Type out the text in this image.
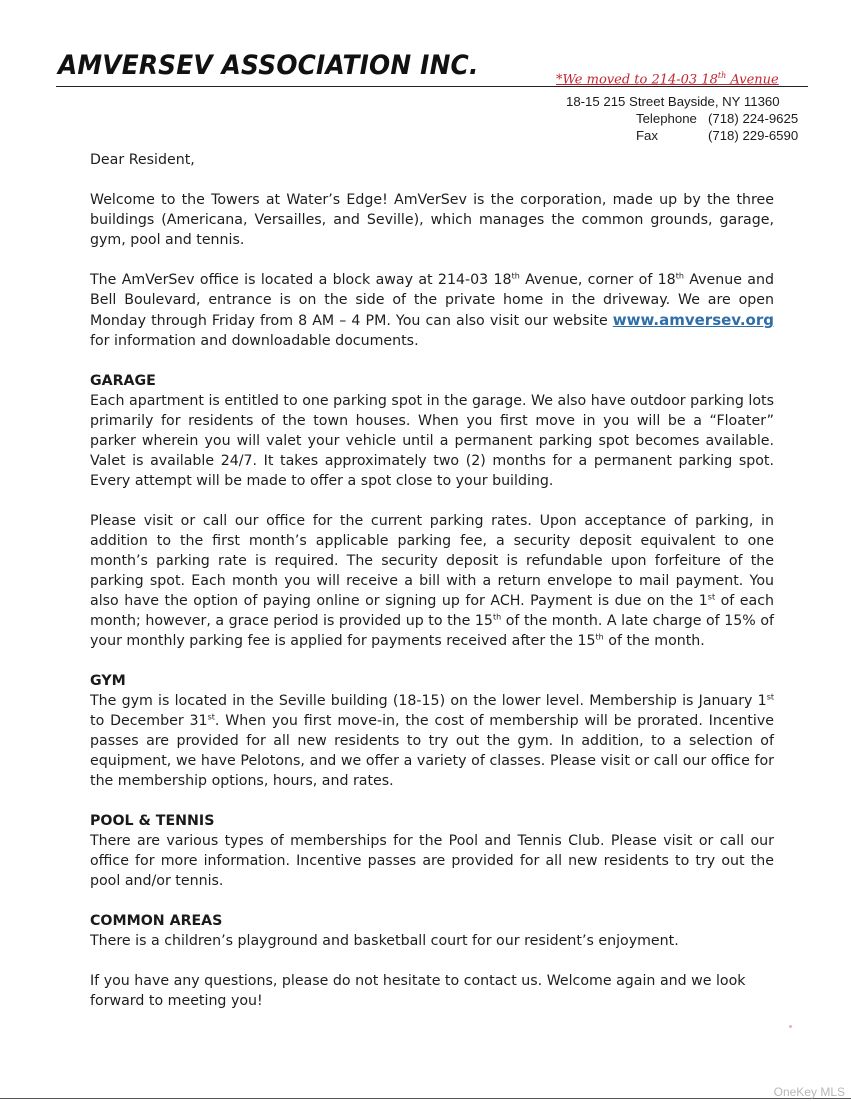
AMVERSEV ASSOCIATION INC.	*We moved to 214-03 18th Avenue
18-15 215 Street Bayside, NY 11360
Telephone (718) 224-9625
Fax	(718) 229-6590

Dear Resident,

Welcome to the Towers at Water’s Edge! AmVerSev is the corporation, made up by the three buildings (Americana, Versailles, and Seville), which manages the common grounds, garage, gym, pool and tennis.

The AmVerSev office is located a block away at 214-03 18th Avenue, corner of 18th Avenue and Bell Boulevard, entrance is on the side of the private home in the driveway. We are open Monday through Friday from 8 AM – 4 PM. You can also visit our website www.amversev.org for information and downloadable documents.

GARAGE

Each apartment is entitled to one parking spot in the garage. We also have outdoor parking lots primarily for residents of the town houses. When you first move in you will be a “Floater” parker wherein you will valet your vehicle until a permanent parking spot becomes available. Valet is available 24/7. It takes approximately two (2) months for a permanent parking spot. Every attempt will be made to offer a spot close to your building.

Please visit or call our office for the current parking rates. Upon acceptance of parking, in addition to the first month’s applicable parking fee, a security deposit equivalent to one month’s parking rate is required. The security deposit is refundable upon forfeiture of the parking spot. Each month you will receive a bill with a return envelope to mail payment. You also have the option of paying online or signing up for ACH. Payment is due on the 1st of each month; however, a grace period is provided up to the 15th of the month. A late charge of 15% of your monthly parking fee is applied for payments received after the 15th of the month.

GYM

The gym is located in the Seville building (18-15) on the lower level. Membership is January 1st to December 31st. When you first move-in, the cost of membership will be prorated. Incentive passes are provided for all new residents to try out the gym. In addition, to a selection of equipment, we have Pelotons, and we offer a variety of classes. Please visit or call our office for the membership options, hours, and rates.

POOL & TENNIS

There are various types of memberships for the Pool and Tennis Club. Please visit or call our office for more information. Incentive passes are provided for all new residents to try out the pool and/or tennis.

COMMON AREAS

There is a children’s playground and basketball court for our resident’s enjoyment.

If you have any questions, please do not hesitate to contact us. Welcome again and we look forward to meeting you!

OneKey MLS
